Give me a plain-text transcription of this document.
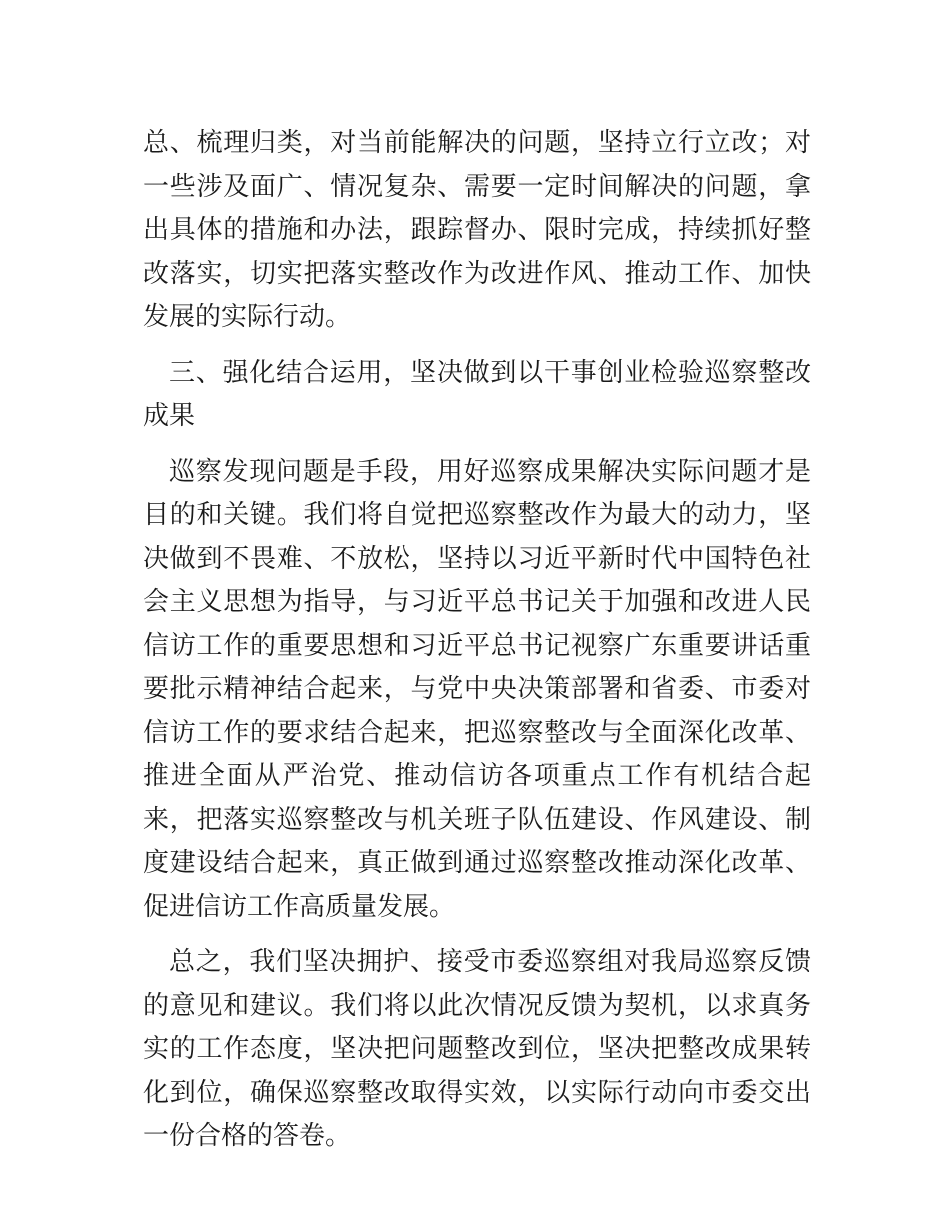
总、梳理归类，对当前能解决的问题，坚持立行立改；对一些涉及面广、情况复杂、需要一定时间解决的问题，拿出具体的措施和办法，跟踪督办、限时完成，持续抓好整改落实，切实把落实整改作为改进作风、推动工作、加快发展的实际行动。

三、强化结合运用，坚决做到以干事创业检验巡察整改成果

巡察发现问题是手段，用好巡察成果解决实际问题才是目的和关键。我们将自觉把巡察整改作为最大的动力，坚决做到不畏难、不放松，坚持以习近平新时代中国特色社会主义思想为指导，与习近平总书记关于加强和改进人民信访工作的重要思想和习近平总书记视察广东重要讲话重要批示精神结合起来，与党中央决策部署和省委、市委对信访工作的要求结合起来，把巡察整改与全面深化改革、推进全面从严治党、推动信访各项重点工作有机结合起来，把落实巡察整改与机关班子队伍建设、作风建设、制度建设结合起来，真正做到通过巡察整改推动深化改革、促进信访工作高质量发展。

总之，我们坚决拥护、接受市委巡察组对我局巡察反馈的意见和建议。我们将以此次情况反馈为契机，以求真务实的工作态度，坚决把问题整改到位，坚决把整改成果转化到位，确保巡察整改取得实效，以实际行动向市委交出一份合格的答卷。
